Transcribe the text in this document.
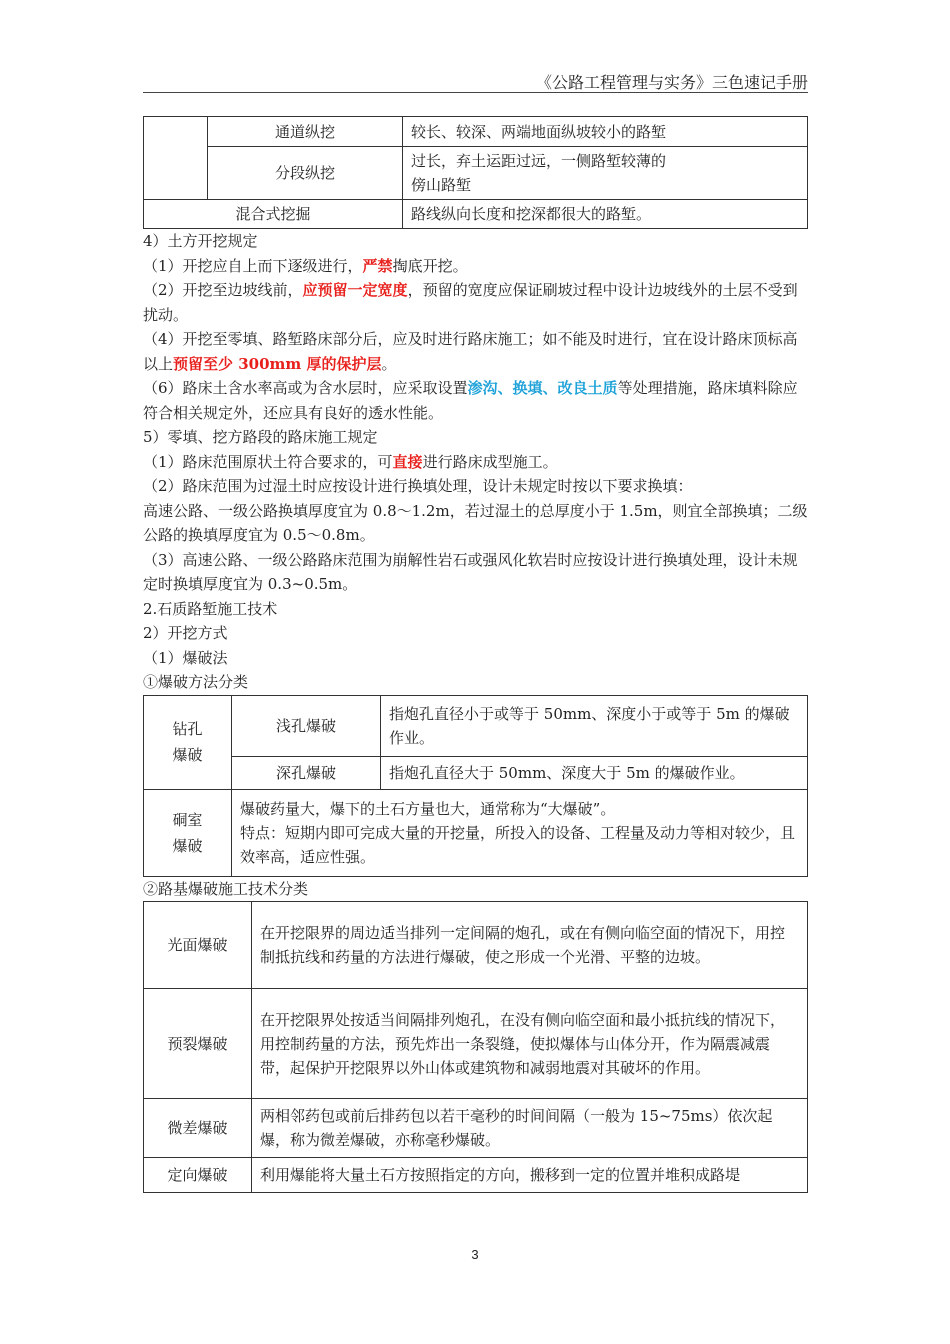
《公路工程管理与实务》三色速记手册
	通道纵挖	较长、较深、两端地面纵坡较小的路堑
	分段纵挖	过长，弃土运距过远，一侧路堑较薄的
傍山路堑
混合式挖掘		路线纵向长度和挖深都很大的路堑。

4）土方开挖规定

（1）开挖应自上而下逐级进行，严禁掏底开挖。

（2）开挖至边坡线前，应预留一定宽度，预留的宽度应保证刷坡过程中设计边坡线外的土层不受到扰动。

（4）开挖至零填、路堑路床部分后，应及时进行路床施工；如不能及时进行，宜在设计路床顶标高以上预留至少 300mm 厚的保护层。

（6）路床土含水率高或为含水层时，应采取设置渗沟、换填、改良土质等处理措施，路床填料除应符合相关规定外，还应具有良好的透水性能。

5）零填、挖方路段的路床施工规定

（1）路床范围原状土符合要求的，可直接进行路床成型施工。

（2）路床范围为过湿土时应按设计进行换填处理，设计未规定时按以下要求换填：

高速公路、一级公路换填厚度宜为 0.8～1.2m，若过湿土的总厚度小于 1.5m，则宜全部换填；二级公路的换填厚度宜为 0.5～0.8m。

（3）高速公路、一级公路路床范围为崩解性岩石或强风化软岩时应按设计进行换填处理，设计未规定时换填厚度宜为 0.3~0.5m。

2.石质路堑施工技术

2）开挖方式

（1）爆破法

①爆破方法分类

钻孔爆破	浅孔爆破	指炮孔直径小于或等于 50mm、深度小于或等于 5m 的爆破作业。
	深孔爆破	指炮孔直径大于 50mm、深度大于 5m 的爆破作业。
硐室爆破	爆破药量大，爆下的土石方量也大，通常称为“大爆破”。
特点：短期内即可完成大量的开挖量，所投入的设备、工程量及动力等相对较少，且效率高，适应性强。	

②路基爆破施工技术分类

光面爆破	在开挖限界的周边适当排列一定间隔的炮孔，或在有侧向临空面的情况下，用控制抵抗线和药量的方法进行爆破，使之形成一个光滑、平整的边坡。
预裂爆破	在开挖限界处按适当间隔排列炮孔，在没有侧向临空面和最小抵抗线的情况下，用控制药量的方法，预先炸出一条裂缝，使拟爆体与山体分开，作为隔震减震带，起保护开挖限界以外山体或建筑物和减弱地震对其破坏的作用。
微差爆破	两相邻药包或前后排药包以若干毫秒的时间间隔（一般为 15~75ms）依次起爆，称为微差爆破，亦称毫秒爆破。
定向爆破	利用爆能将大量土石方按照指定的方向，搬移到一定的位置并堆积成路堤
3
